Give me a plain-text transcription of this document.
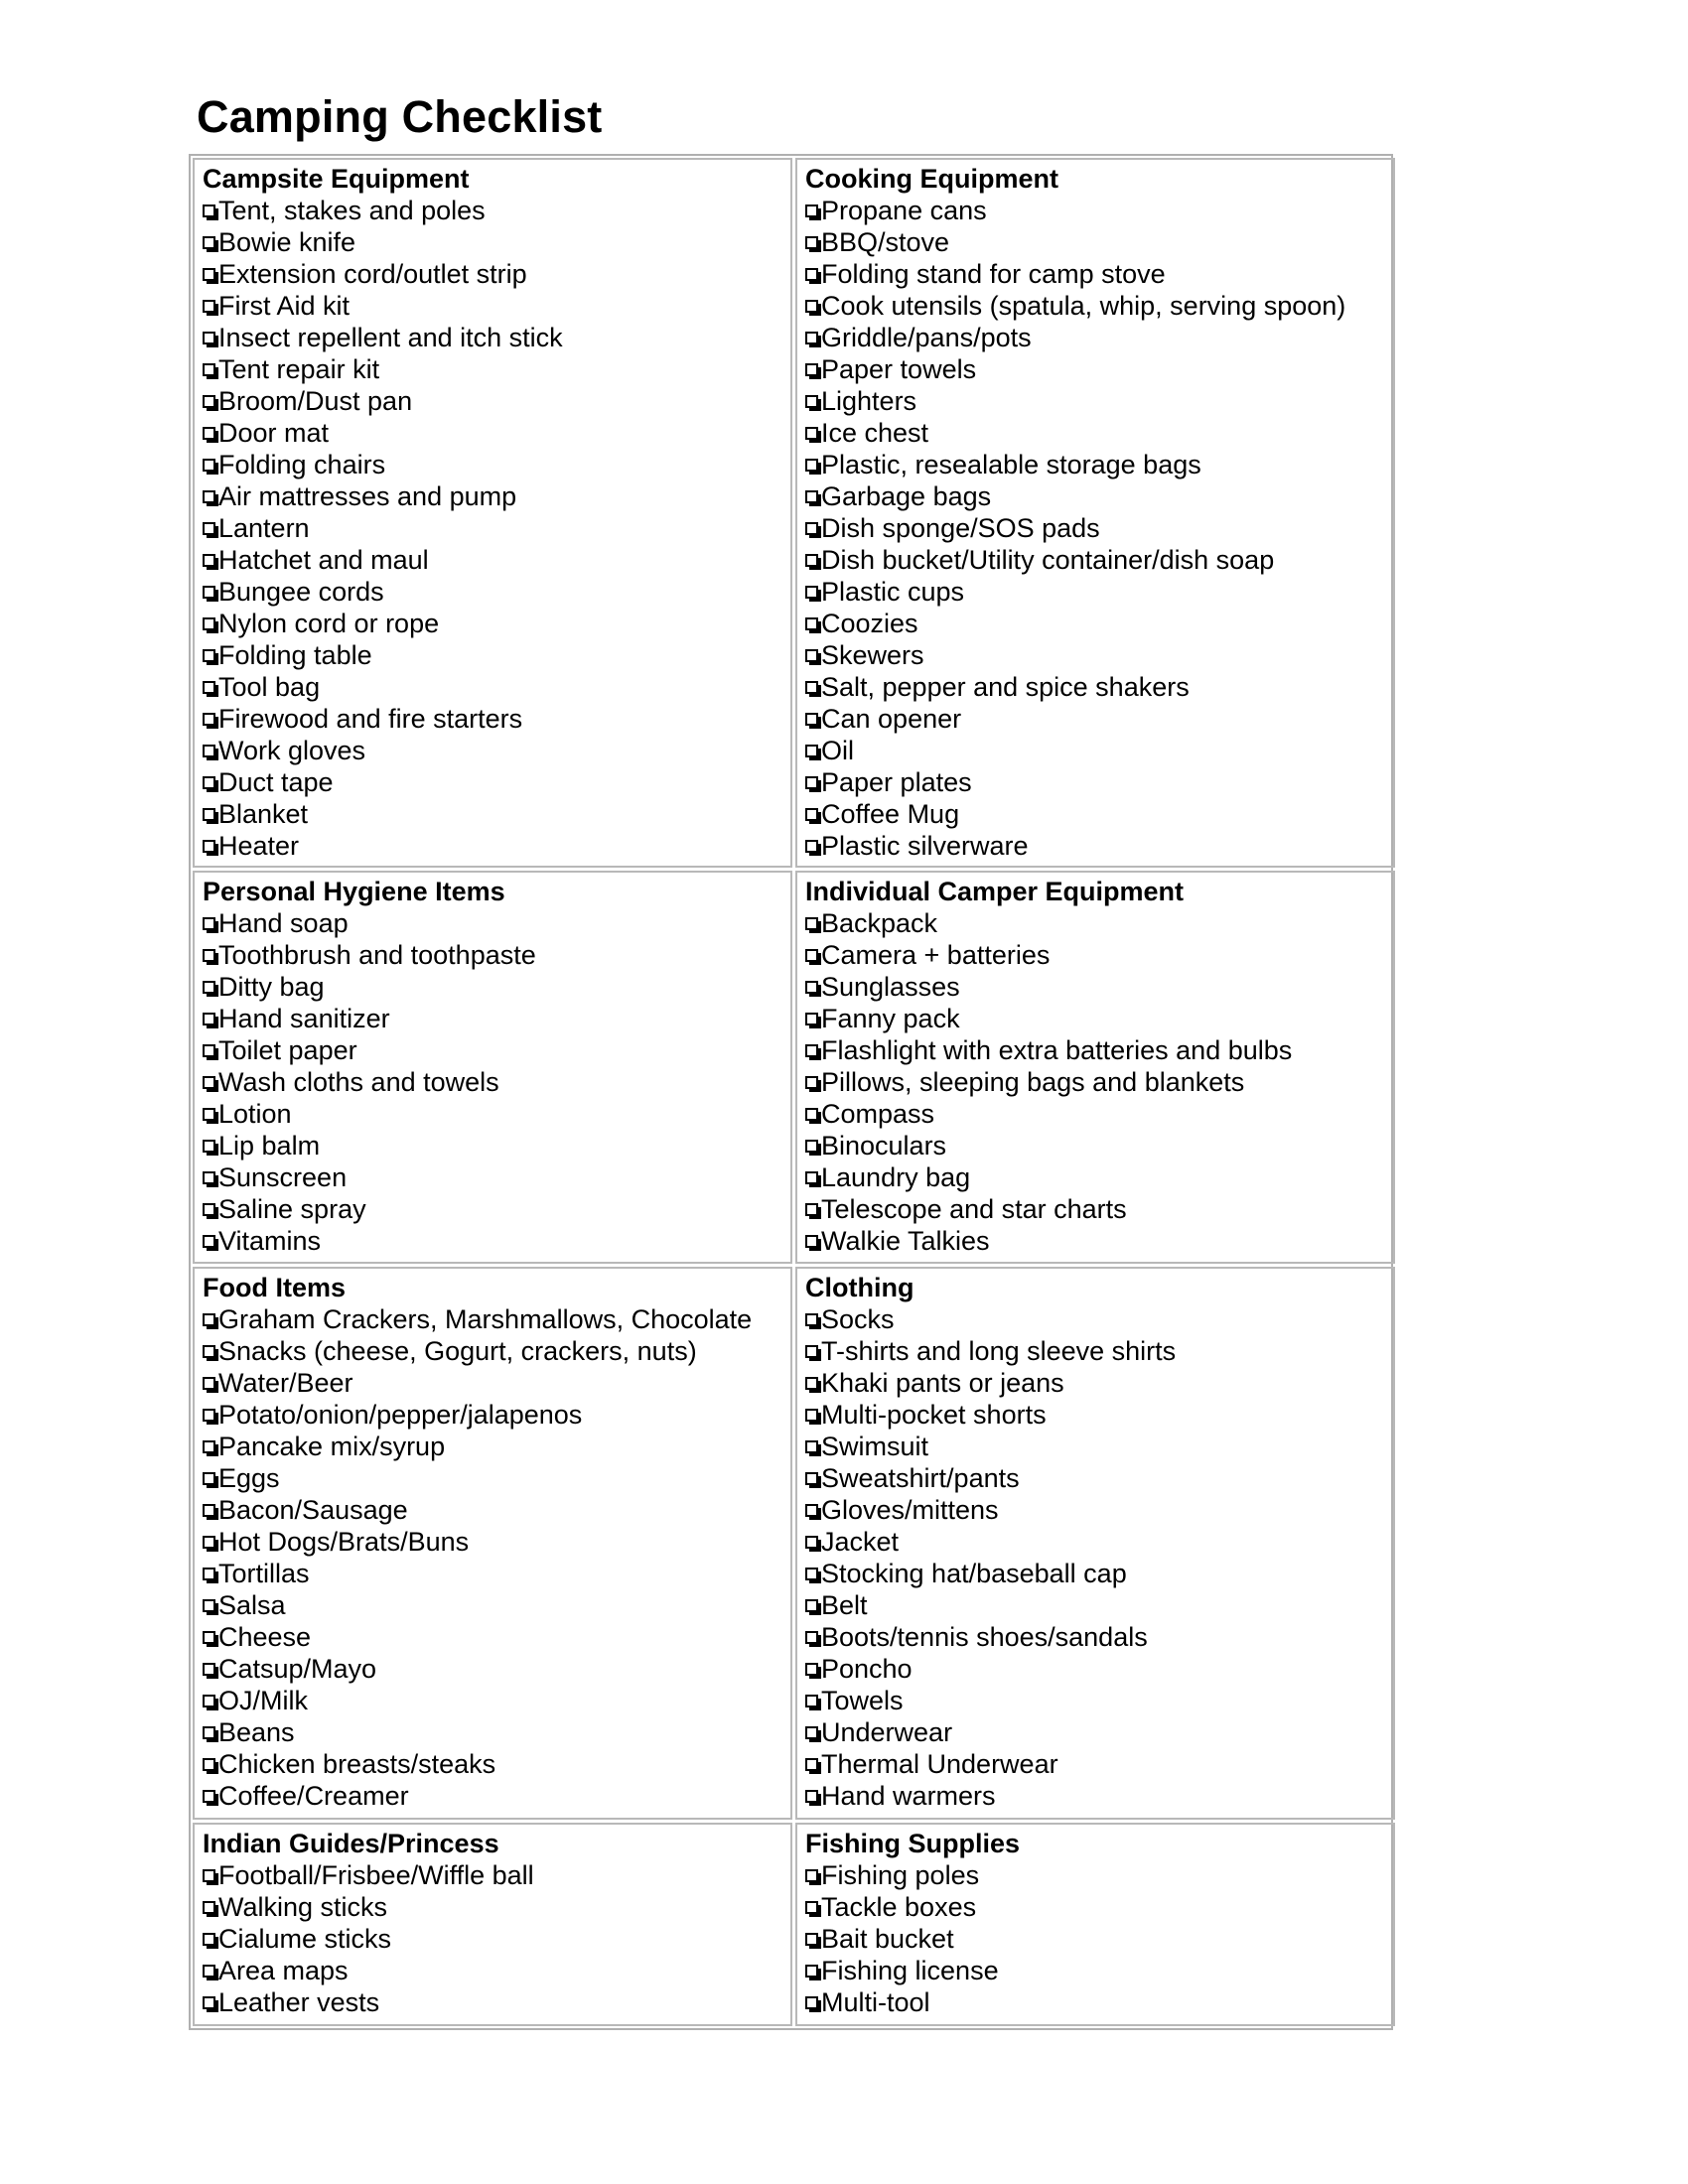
Camping Checklist
Campsite Equipment
Tent, stakes and poles
Bowie knife
Extension cord/outlet strip
First Aid kit
Insect repellent and itch stick
Tent repair kit
Broom/Dust pan
Door mat
Folding chairs
Air mattresses and pump
Lantern
Hatchet and maul
Bungee cords
Nylon cord or rope
Folding table
Tool bag
Firewood and fire starters
Work gloves
Duct tape
Blanket
Heater
Cooking Equipment
Propane cans
BBQ/stove
Folding stand for camp stove
Cook utensils (spatula, whip, serving spoon)
Griddle/pans/pots
Paper towels
Lighters
Ice chest
Plastic, resealable storage bags
Garbage bags
Dish sponge/SOS pads
Dish bucket/Utility container/dish soap
Plastic cups
Coozies
Skewers
Salt, pepper and spice shakers
Can opener
Oil
Paper plates
Coffee Mug
Plastic silverware
Personal Hygiene Items
Hand soap
Toothbrush and toothpaste
Ditty bag
Hand sanitizer
Toilet paper
Wash cloths and towels
Lotion
Lip balm
Sunscreen
Saline spray
Vitamins
Individual Camper Equipment
Backpack
Camera + batteries
Sunglasses
Fanny pack
Flashlight with extra batteries and bulbs
Pillows, sleeping bags and blankets
Compass
Binoculars
Laundry bag
Telescope and star charts
Walkie Talkies
Food Items
Graham Crackers, Marshmallows, Chocolate
Snacks (cheese, Gogurt, crackers, nuts)
Water/Beer
Potato/onion/pepper/jalapenos
Pancake mix/syrup
Eggs
Bacon/Sausage
Hot Dogs/Brats/Buns
Tortillas
Salsa
Cheese
Catsup/Mayo
OJ/Milk
Beans
Chicken breasts/steaks
Coffee/Creamer
Clothing
Socks
T-shirts and long sleeve shirts
Khaki pants or jeans
Multi-pocket shorts
Swimsuit
Sweatshirt/pants
Gloves/mittens
Jacket
Stocking hat/baseball cap
Belt
Boots/tennis shoes/sandals
Poncho
Towels
Underwear
Thermal Underwear
Hand warmers
Indian Guides/Princess
Football/Frisbee/Wiffle ball
Walking sticks
Cialume sticks
Area maps
Leather vests
Fishing Supplies
Fishing poles
Tackle boxes
Bait bucket
Fishing license
Multi-tool
